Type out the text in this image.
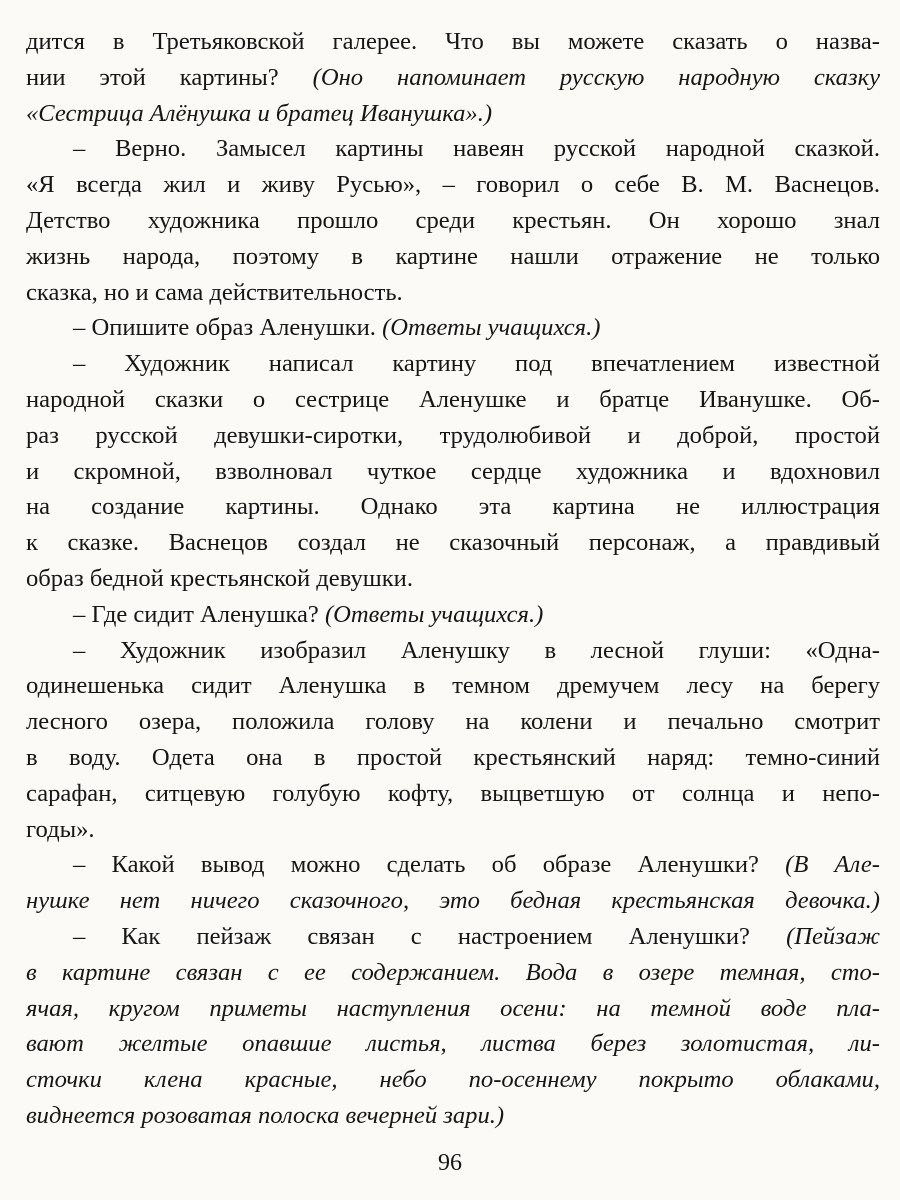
дится в Третьяковской галерее. Что вы можете сказать о назва-
нии этой картины? (Оно напоминает русскую народную сказку
«Сестрица Алёнушка и братец Иванушка».)
– Верно. Замысел картины навеян русской народной сказкой.
«Я всегда жил и живу Русью», – говорил о себе В. М. Васнецов.
Детство художника прошло среди крестьян. Он хорошо знал
жизнь народа, поэтому в картине нашли отражение не только
сказка, но и сама действительность.
– Опишите образ Аленушки. (Ответы учащихся.)
– Художник написал картину под впечатлением известной
народной сказки о сестрице Аленушке и братце Иванушке. Об-
раз русской девушки-сиротки, трудолюбивой и доброй, простой
и скромной, взволновал чуткое сердце художника и вдохновил
на создание картины. Однако эта картина не иллюстрация
к сказке. Васнецов создал не сказочный персонаж, а правдивый
образ бедной крестьянской девушки.
– Где сидит Аленушка? (Ответы учащихся.)
– Художник изобразил Аленушку в лесной глуши: «Одна-
одинешенька сидит Аленушка в темном дремучем лесу на берегу
лесного озера, положила голову на колени и печально смотрит
в воду. Одета она в простой крестьянский наряд: темно-синий
сарафан, ситцевую голубую кофту, выцветшую от солнца и непо-
годы».
– Какой вывод можно сделать об образе Аленушки? (В Але-
нушке нет ничего сказочного, это бедная крестьянская девочка.)
– Как пейзаж связан с настроением Аленушки? (Пейзаж
в картине связан с ее содержанием. Вода в озере темная, сто-
ячая, кругом приметы наступления осени: на темной воде пла-
вают желтые опавшие листья, листва берез золотистая, ли-
сточки клена красные, небо по-осеннему покрыто облаками,
виднеется розоватая полоска вечерней зари.)
96
